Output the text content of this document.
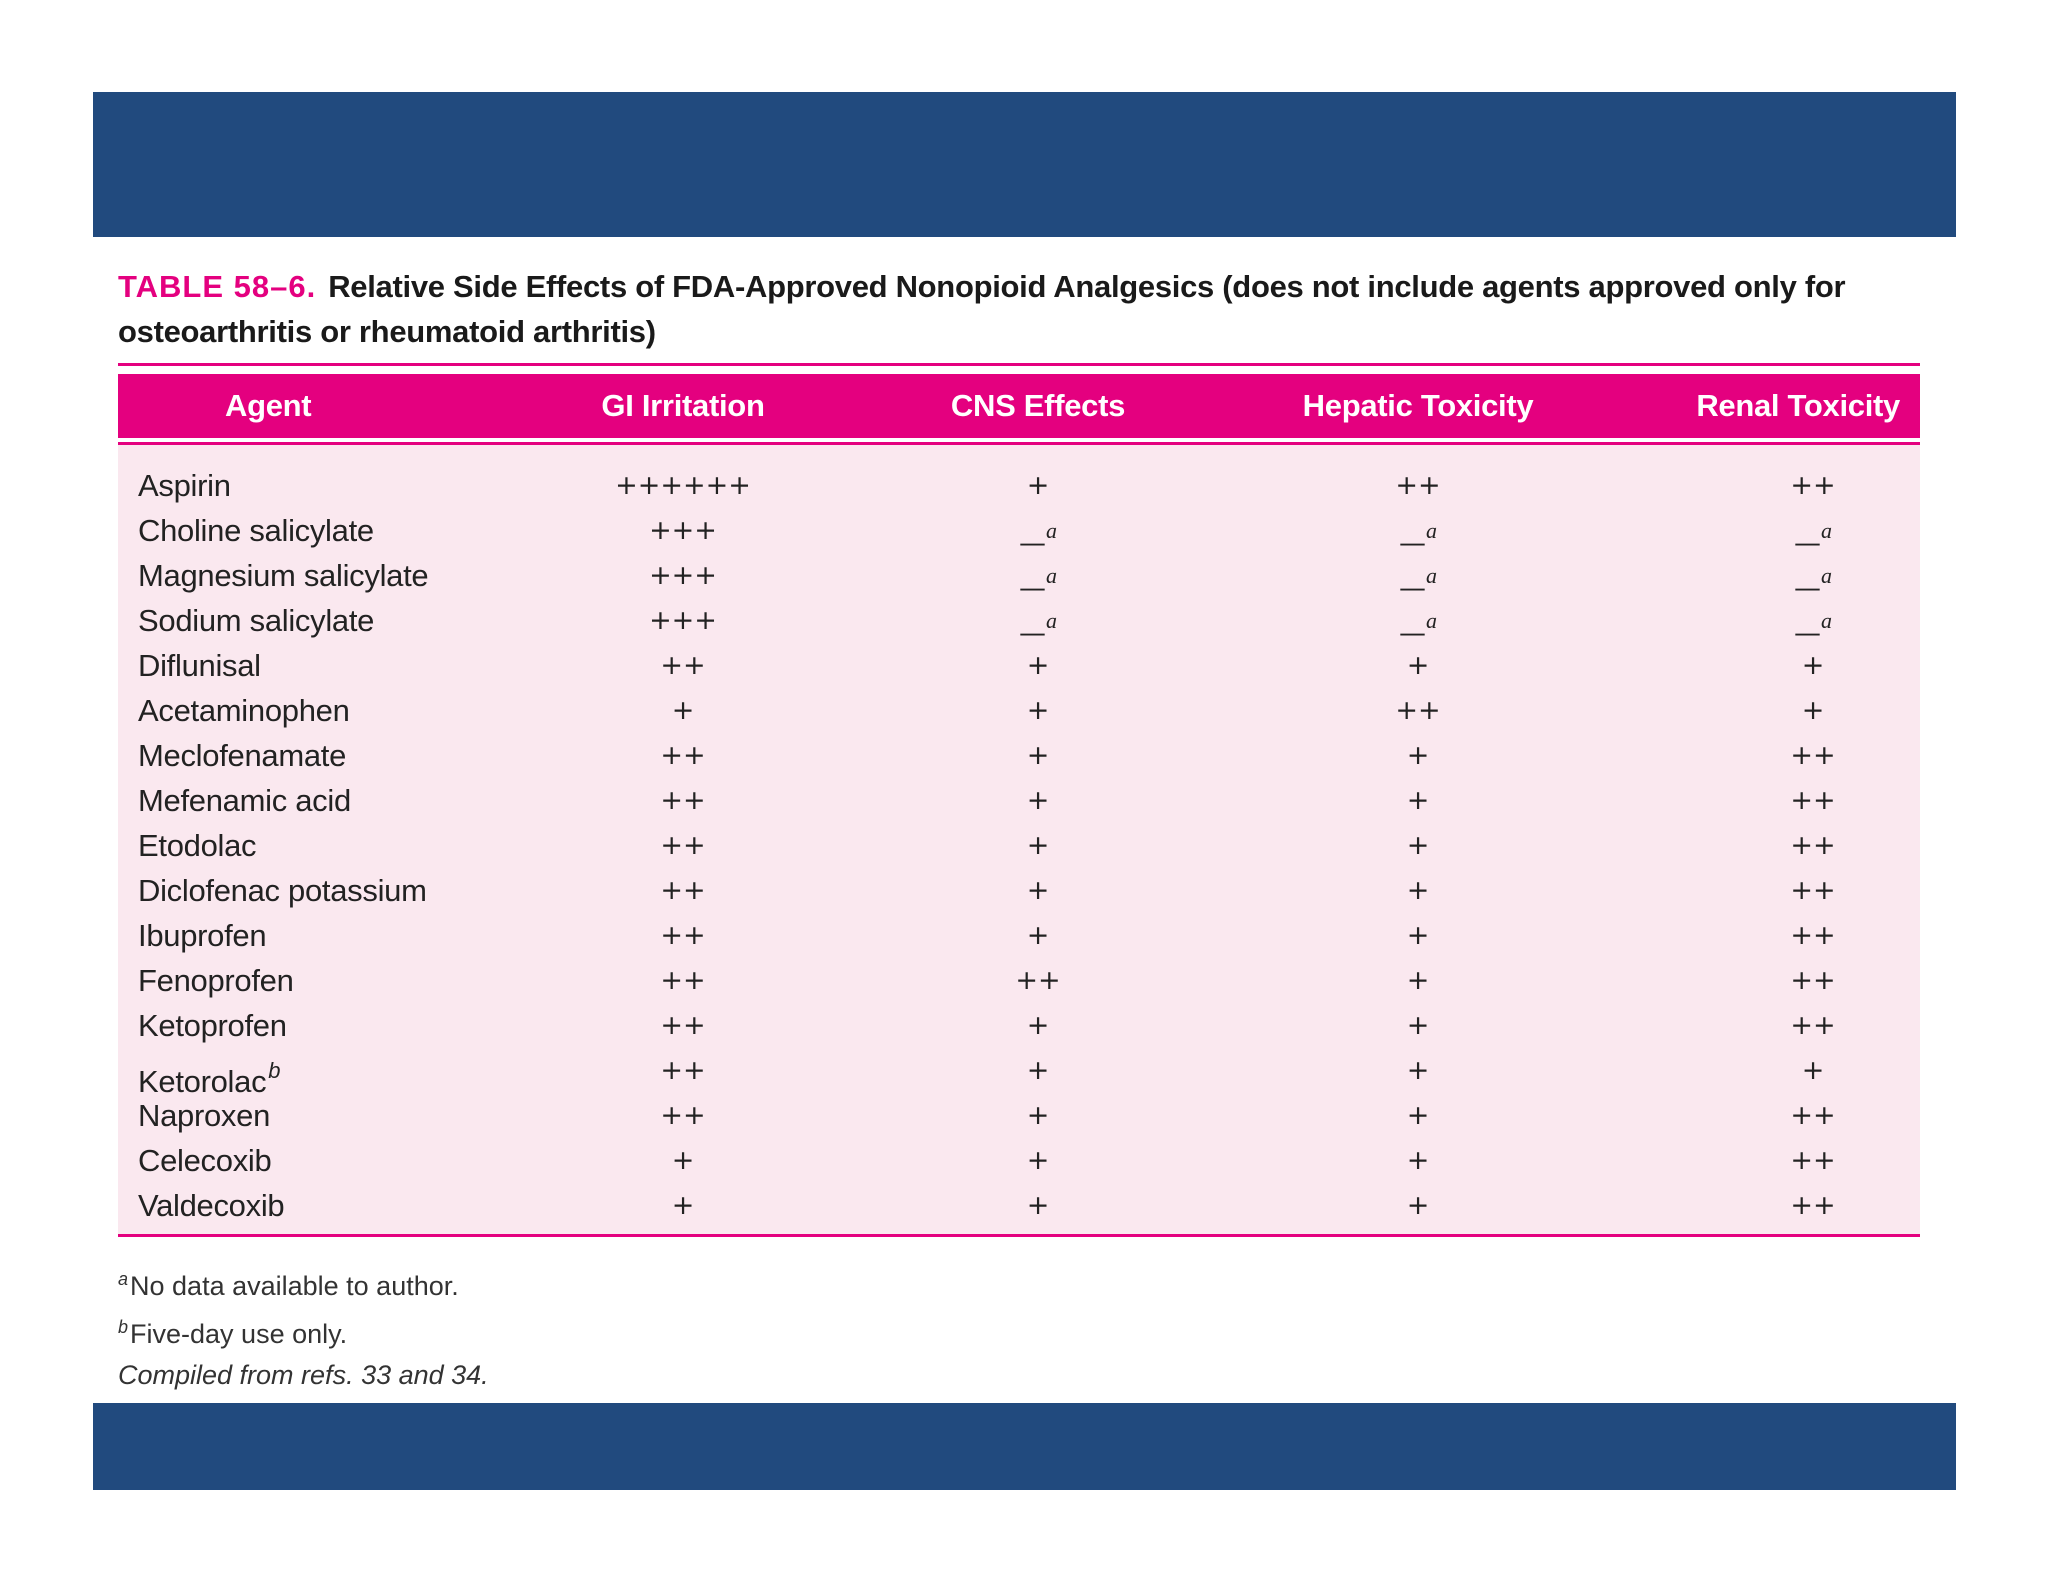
TABLE 58–6. Relative Side Effects of FDA-Approved Nonopioid Analgesics (does not include agents approved only for osteoarthritis or rheumatoid arthritis)
Agent	GI Irritation	CNS Effects	Hepatic Toxicity	Renal Toxicity
Aspirin	++++++	+	++	++
Choline salicylate	+++	—$^a$	—$^a$	—$^a$
Magnesium salicylate	+++	—$^a$	—$^a$	—$^a$
Sodium salicylate	+++	—$^a$	—$^a$	—$^a$
Diflunisal	++	+	+	+
Acetaminophen	+	+	++	+
Meclofenamate	++	+	+	++
Mefenamic acid	++	+	+	++
Etodolac	++	+	+	++
Diclofenac potassium	++	+	+	++
Ibuprofen	++	+	+	++
Fenoprofen	++	++	+	++
Ketoprofen	++	+	+	++
Ketorolac$^b$	++	+	+	+
Naproxen	++	+	+	++
Celecoxib	+	+	+	++
Valdecoxib	+	+	+	++
$^a$No data available to author.
$^b$Five-day use only.
Compiled from refs. 33 and 34.
